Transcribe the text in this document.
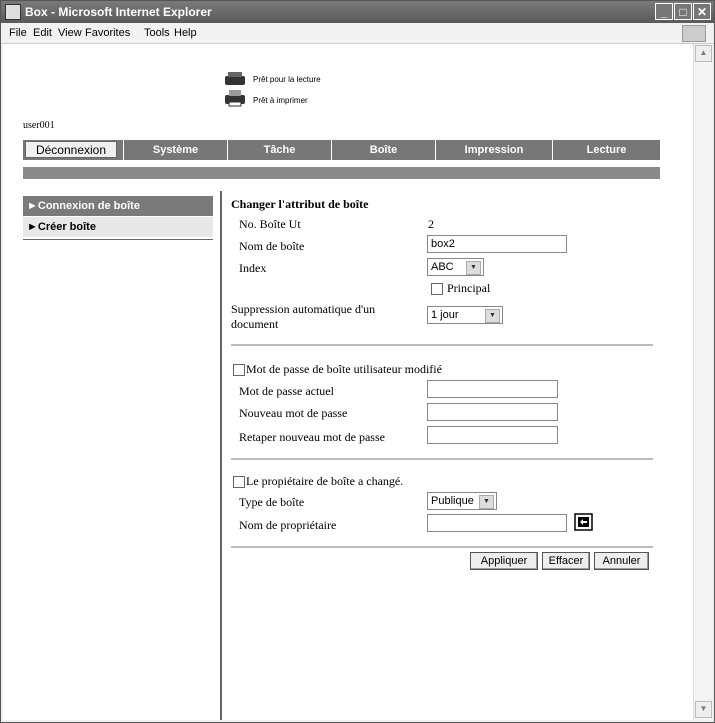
Box - Microsoft Internet Explorer	_	□ ✕
File Edit View Favorites Tools Help
Prêt pour la lecture
Prêt à imprimer
user001
Système	Tâche	Boîte	Impression	Lecture
Déconnexion
►Connexion de boîte
►Créer boîte
Changer l'attribut de boîte
No. Boîte Ut	2
Nom de boîte	box2
Index	ABC	▼
Principal
Suppression automatique d'un document
1 jour	▼
Mot de passe de boîte utilisateur modifié
Mot de passe actuel
Nouveau mot de passe
Retaper nouveau mot de passe
Le propiétaire de boîte a changé.
Type de boîte	Publique	▼
Nom de propriétaire
Appliquer	Effacer	Annuler
▲
▼
